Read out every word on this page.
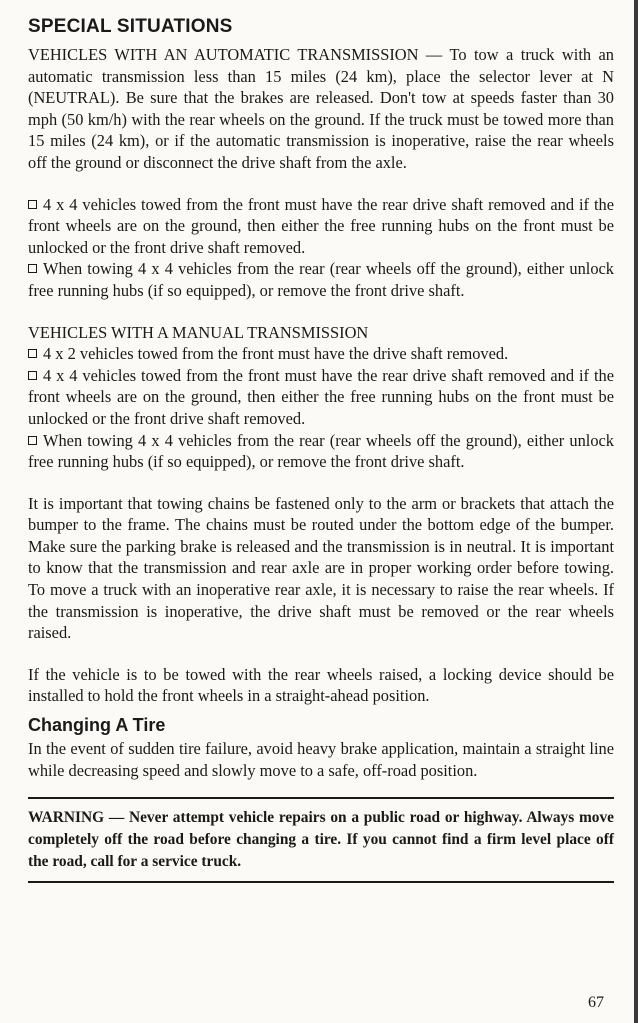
SPECIAL SITUATIONS

VEHICLES WITH AN AUTOMATIC TRANSMISSION — To tow a truck with an automatic transmission less than 15 miles (24 km), place the selector lever at N (NEUTRAL). Be sure that the brakes are released. Don't tow at speeds faster than 30 mph (50 km/h) with the rear wheels on the ground. If the truck must be towed more than 15 miles (24 km), or if the automatic transmission is inoperative, raise the rear wheels off the ground or disconnect the drive shaft from the axle.

4 x 4 vehicles towed from the front must have the rear drive shaft removed and if the front wheels are on the ground, then either the free running hubs on the front must be unlocked or the front drive shaft removed.

When towing 4 x 4 vehicles from the rear (rear wheels off the ground), either unlock free running hubs (if so equipped), or remove the front drive shaft.

VEHICLES WITH A MANUAL TRANSMISSION

4 x 2 vehicles towed from the front must have the drive shaft removed.

4 x 4 vehicles towed from the front must have the rear drive shaft removed and if the front wheels are on the ground, then either the free running hubs on the front must be unlocked or the front drive shaft removed.

When towing 4 x 4 vehicles from the rear (rear wheels off the ground), either unlock free running hubs (if so equipped), or remove the front drive shaft.

It is important that towing chains be fastened only to the arm or brackets that attach the bumper to the frame. The chains must be routed under the bottom edge of the bumper. Make sure the parking brake is released and the transmission is in neutral. It is important to know that the transmission and rear axle are in proper working order before towing. To move a truck with an inoperative rear axle, it is necessary to raise the rear wheels. If the transmission is inoperative, the drive shaft must be removed or the rear wheels raised.

If the vehicle is to be towed with the rear wheels raised, a locking device should be installed to hold the front wheels in a straight-ahead position.

Changing A Tire

In the event of sudden tire failure, avoid heavy brake application, maintain a straight line while decreasing speed and slowly move to a safe, off-road position.

WARNING — Never attempt vehicle repairs on a public road or highway. Always move completely off the road before changing a tire. If you cannot find a firm level place off the road, call for a service truck.

67
